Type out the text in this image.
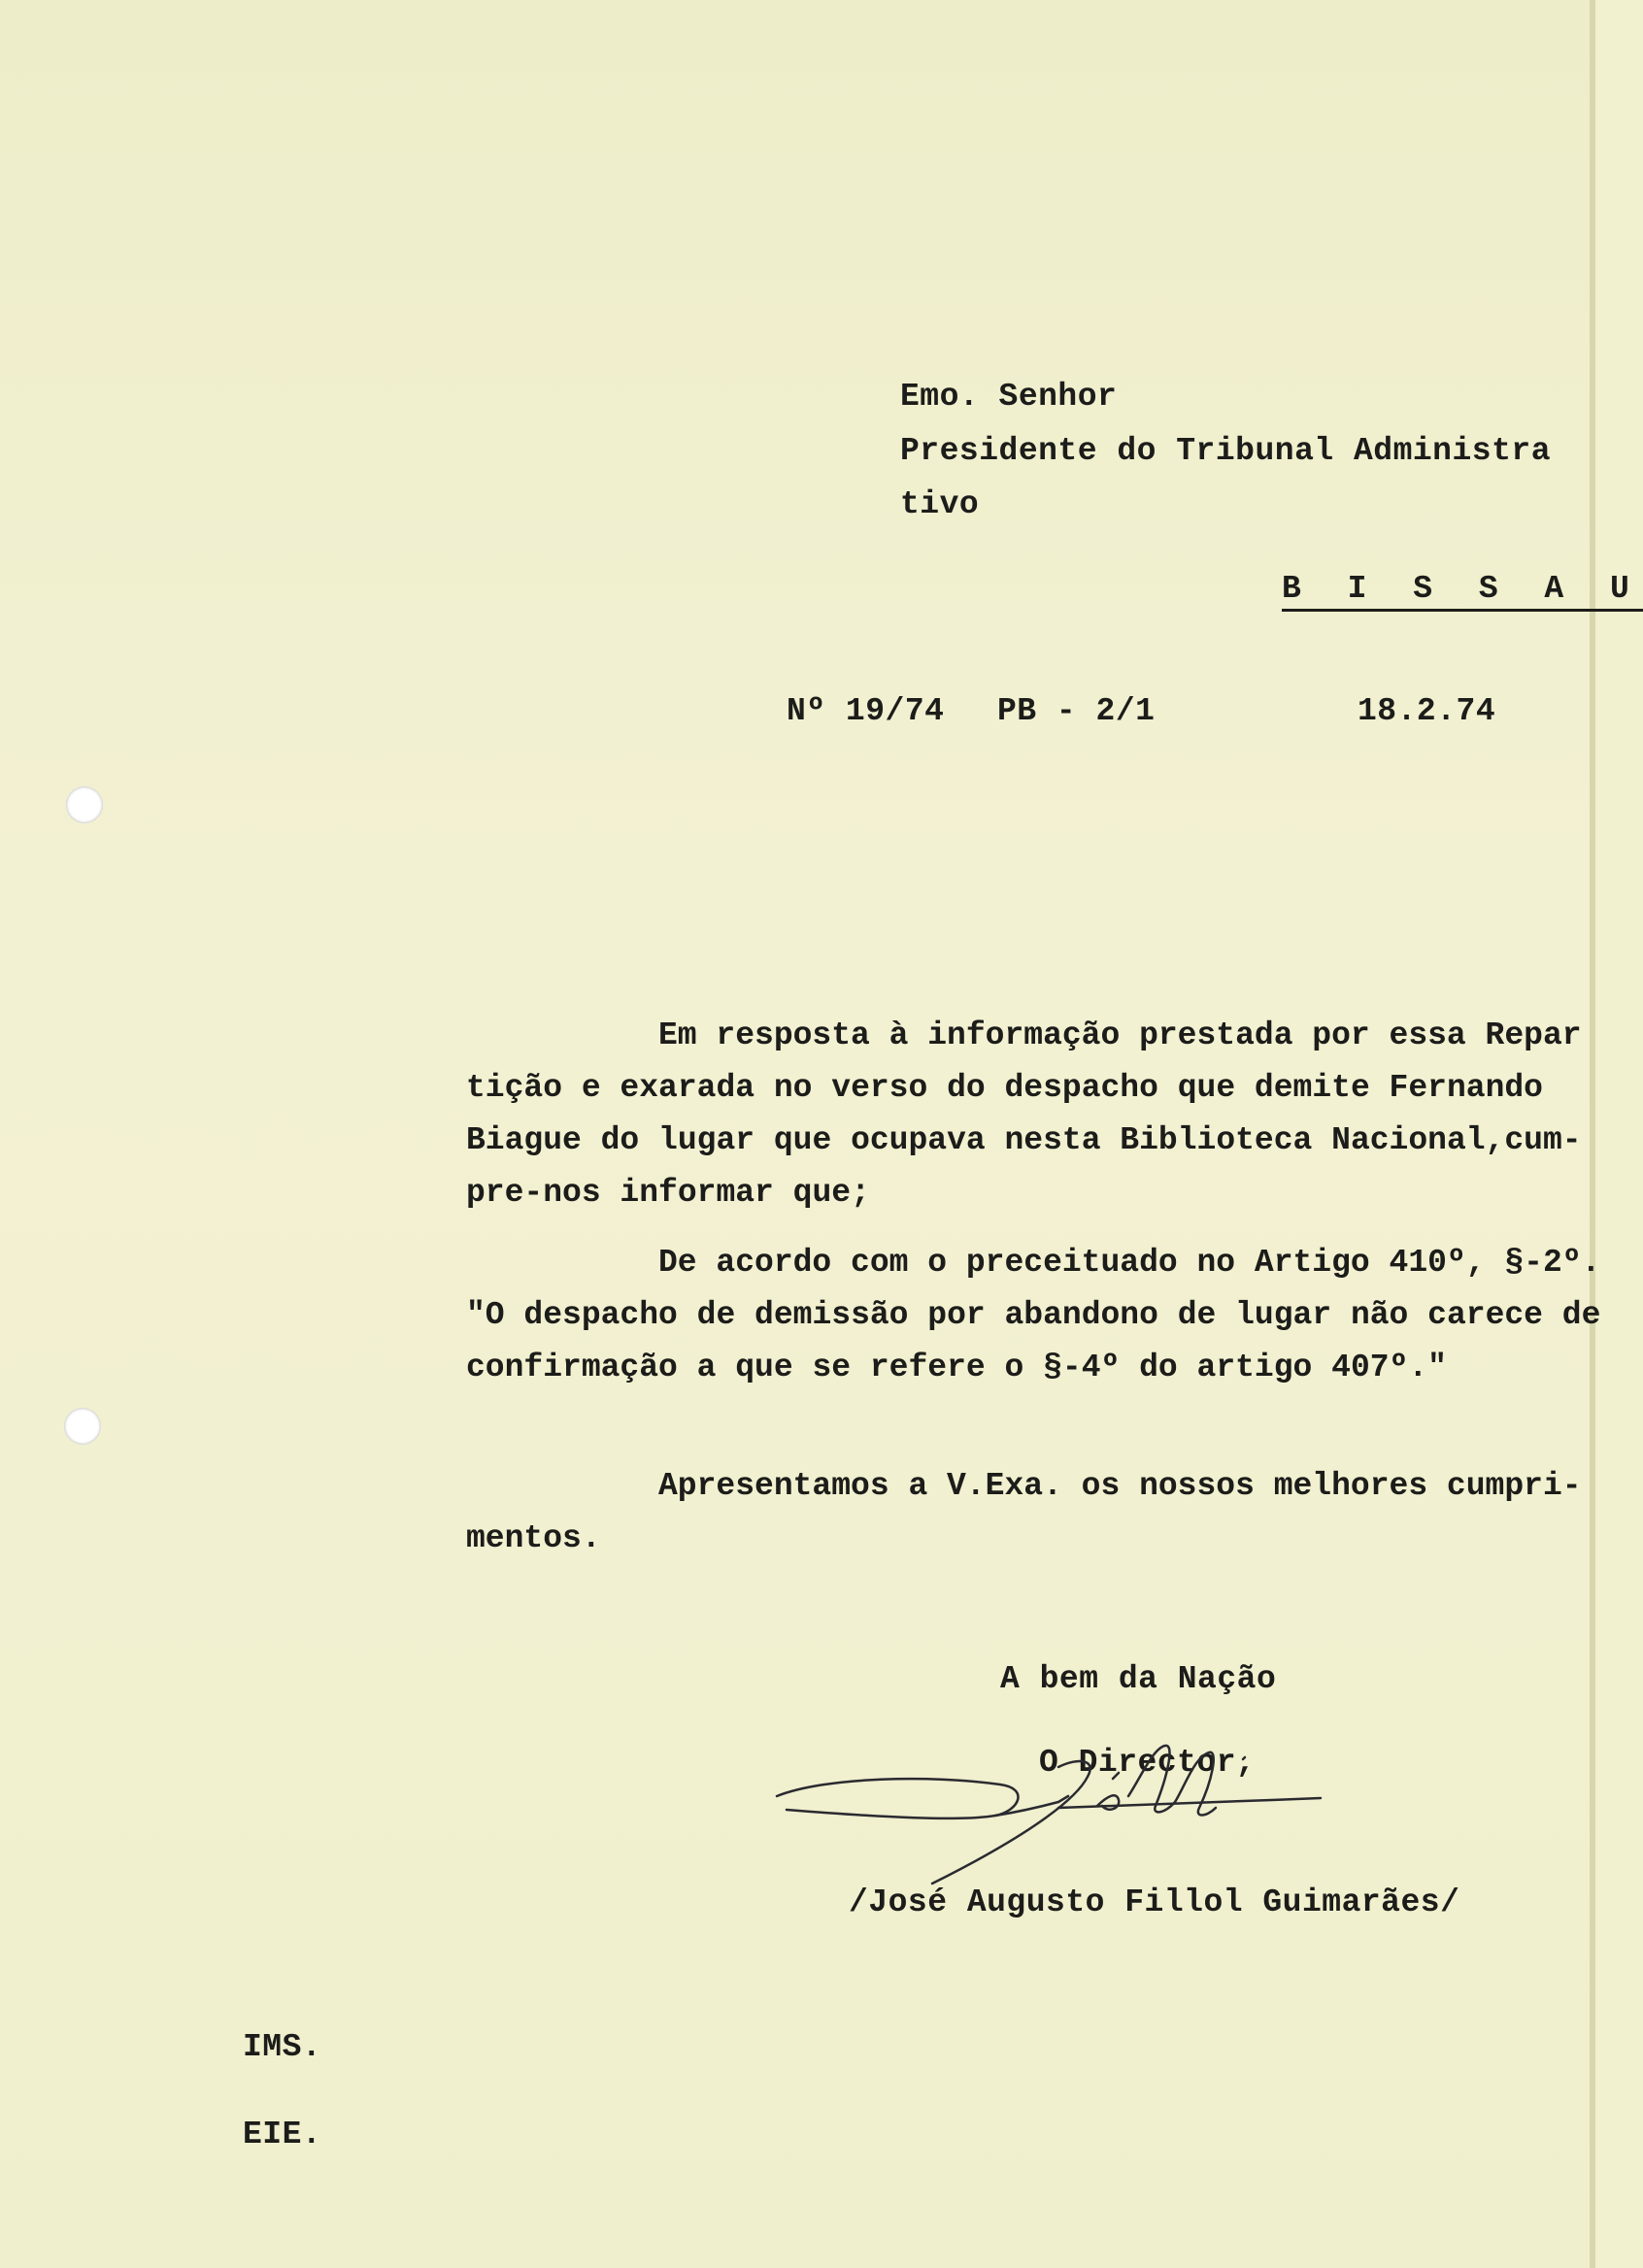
Emo. Senhor
Presidente do Tribunal Administra
tivo
B I S S A U
Nº 19/74 PB - 2/1	18.2.74
Em resposta à informação prestada por essa Repar
tição e exarada no verso do despacho que demite Fernando
Biague do lugar que ocupava nesta Biblioteca Nacional,cum-
pre-nos informar que;
De acordo com o preceituado no Artigo 410º, §-2º.
"O despacho de demissão por abandono de lugar não carece de
confirmação a que se refere o §-4º do artigo 407º."
Apresentamos a V.Exa. os nossos melhores cumpri-
mentos.
A bem da Nação
O Director,
/José Augusto Fillol Guimarães/
IMS.
EIE.
